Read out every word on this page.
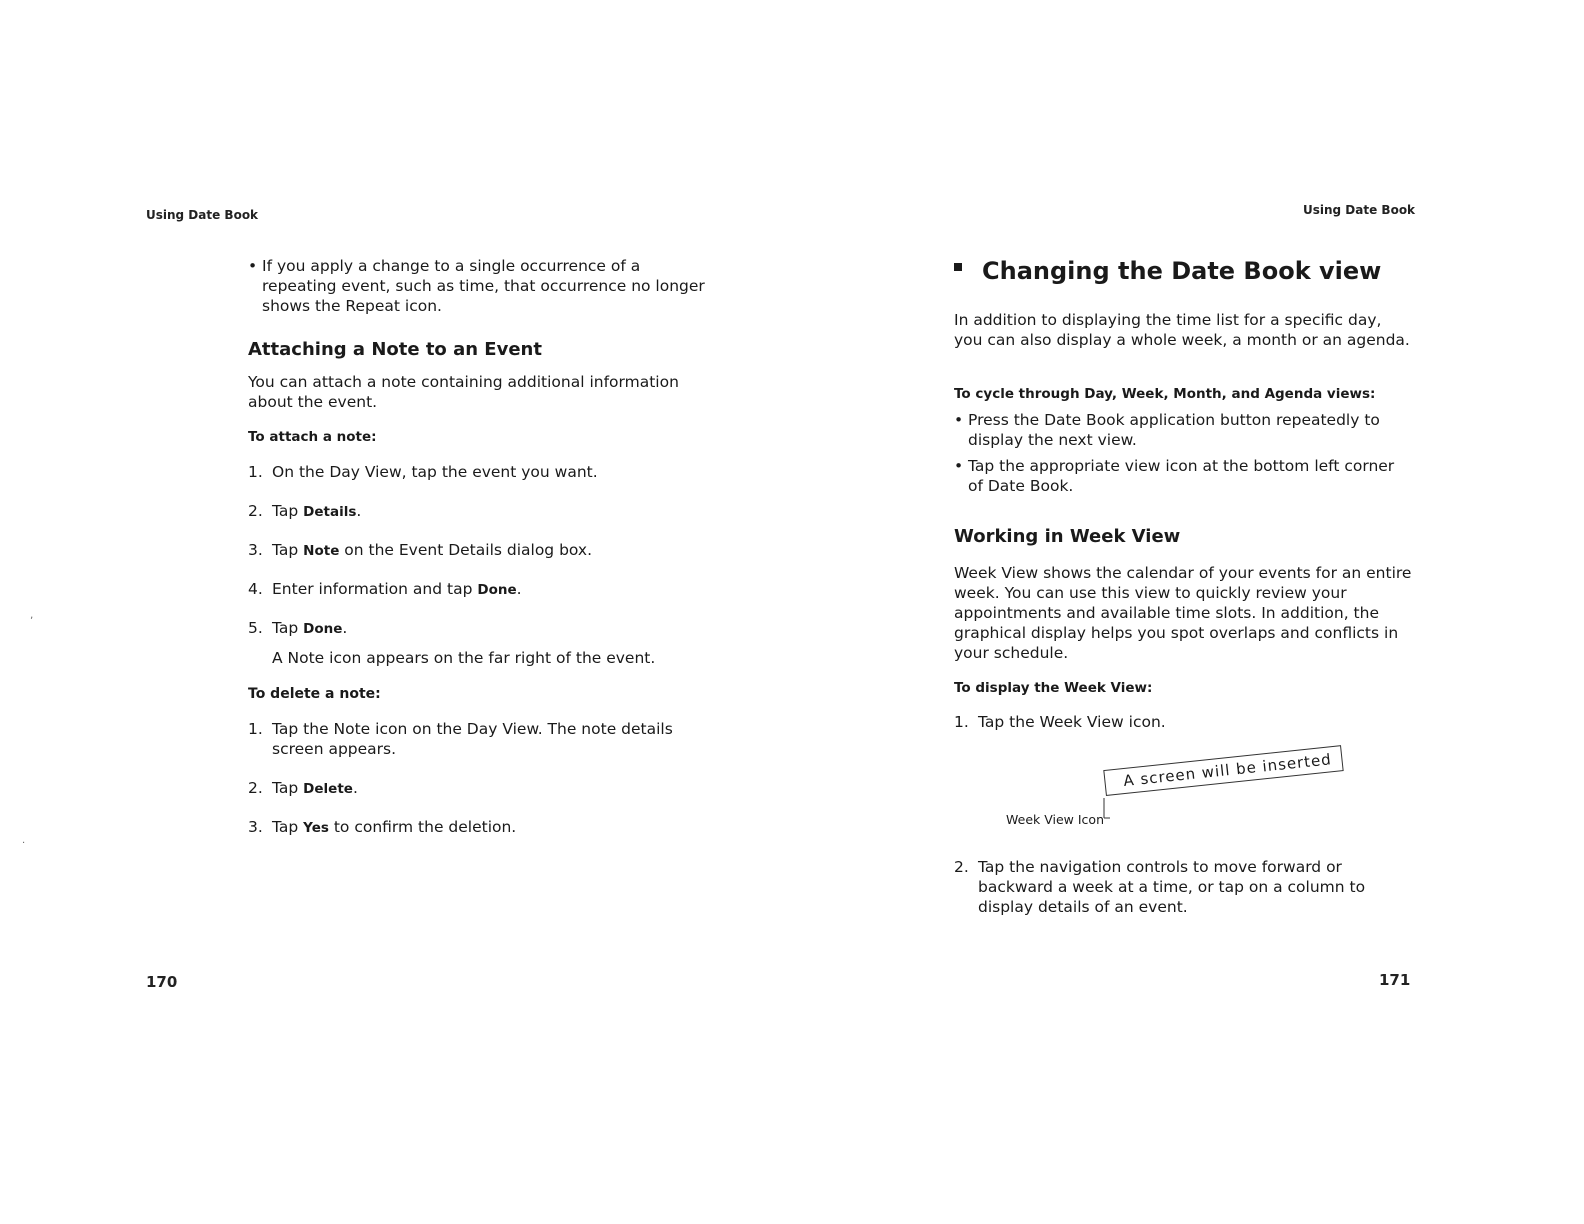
Using Date Book
• If you apply a change to a single occurrence of a repeating event, such as time, that occurrence no longer shows the Repeat icon.
Attaching a Note to an Event
You can attach a note containing additional information about the event.
To attach a note:
1. On the Day View, tap the event you want.
2. Tap Details.
3. Tap Note on the Event Details dialog box.
4. Enter information and tap Done.
5. Tap Done.
A Note icon appears on the far right of the event.
To delete a note:
1. Tap the Note icon on the Day View. The note details screen appears.
2. Tap Delete.
3. Tap Yes to confirm the deletion.
170
‚
·
Using Date Book
Changing the Date Book view
In addition to displaying the time list for a specific day, you can also display a whole week, a month or an agenda.
To cycle through Day, Week, Month, and Agenda views:
• Press the Date Book application button repeatedly to display the next view.
• Tap the appropriate view icon at the bottom left corner of Date Book.
Working in Week View
Week View shows the calendar of your events for an entire week. You can use this view to quickly review your appointments and available time slots. In addition, the graphical display helps you spot overlaps and conflicts in your schedule.
To display the Week View:
1. Tap the Week View icon.
A screen will be inserted
Week View Icon
2. Tap the navigation controls to move forward or backward a week at a time, or tap on a column to display details of an event.
171
